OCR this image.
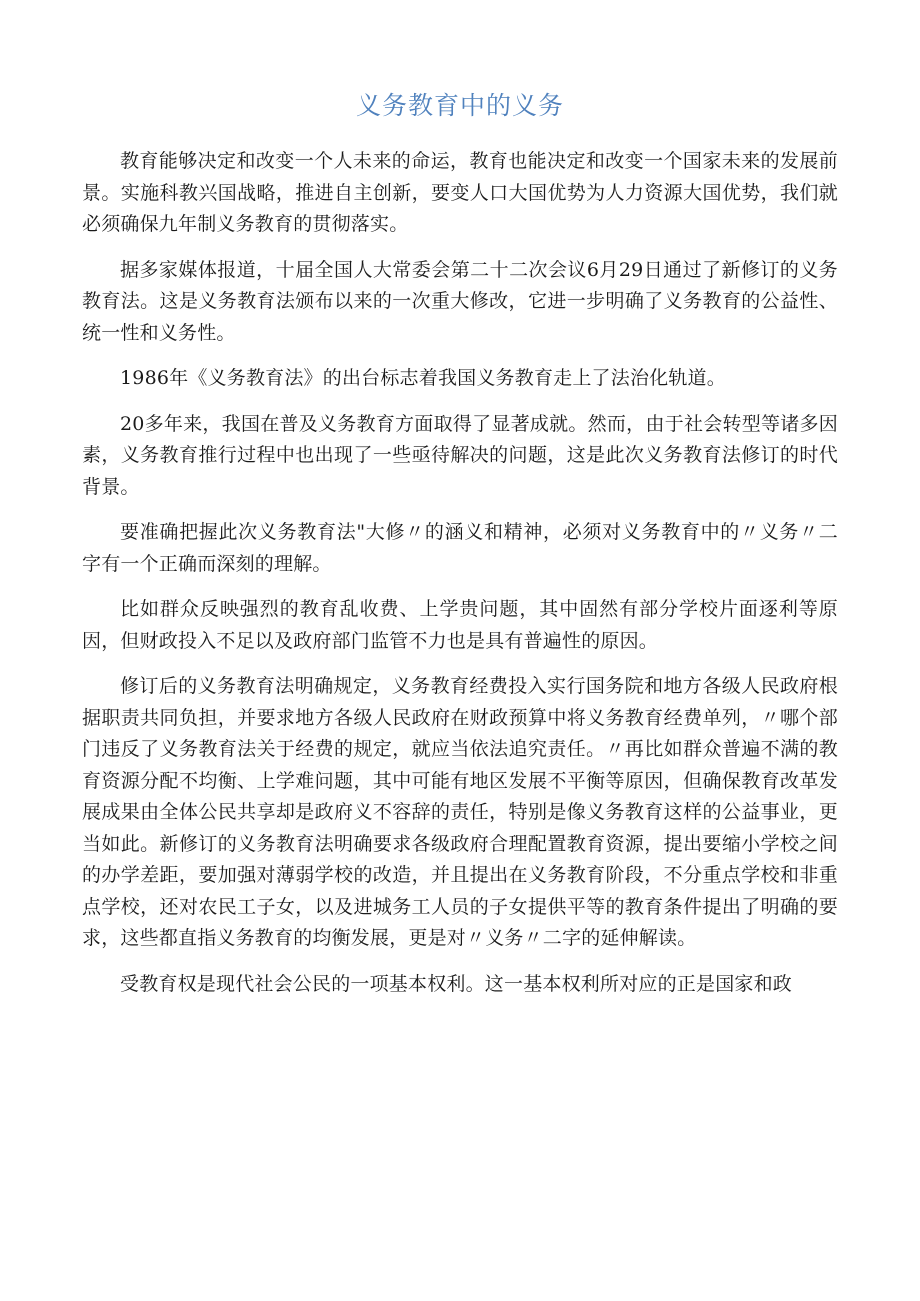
义务教育中的义务

教育能够决定和改变一个人未来的命运，教育也能决定和改变一个国家未来的发展前景。实施科教兴国战略，推进自主创新，要变人口大国优势为人力资源大国优势，我们就必须确保九年制义务教育的贯彻落实。

据多家媒体报道，十届全国人大常委会第二十二次会议6月29日通过了新修订的义务教育法。这是义务教育法颁布以来的一次重大修改，它进一步明确了义务教育的公益性、统一性和义务性。

1986年《义务教育法》的出台标志着我国义务教育走上了法治化轨道。

20多年来，我国在普及义务教育方面取得了显著成就。然而，由于社会转型等诸多因素，义务教育推行过程中也出现了一些亟待解决的问题，这是此次义务教育法修订的时代背景。

要准确把握此次义务教育法"大修〃的涵义和精神，必须对义务教育中的〃义务〃二字有一个正确而深刻的理解。

比如群众反映强烈的教育乱收费、上学贵问题，其中固然有部分学校片面逐利等原因，但财政投入不足以及政府部门监管不力也是具有普遍性的原因。

修订后的义务教育法明确规定，义务教育经费投入实行国务院和地方各级人民政府根据职责共同负担，并要求地方各级人民政府在财政预算中将义务教育经费单列，〃哪个部门违反了义务教育法关于经费的规定，就应当依法追究责任。〃再比如群众普遍不满的教育资源分配不均衡、上学难问题，其中可能有地区发展不平衡等原因，但确保教育改革发展成果由全体公民共享却是政府义不容辞的责任，特别是像义务教育这样的公益事业，更当如此。新修订的义务教育法明确要求各级政府合理配置教育资源，提出要缩小学校之间的办学差距，要加强对薄弱学校的改造，并且提出在义务教育阶段，不分重点学校和非重点学校，还对农民工子女，以及进城务工人员的子女提供平等的教育条件提出了明确的要求，这些都直指义务教育的均衡发展，更是对〃义务〃二字的延伸解读。

受教育权是现代社会公民的一项基本权利。这一基本权利所对应的正是国家和政
